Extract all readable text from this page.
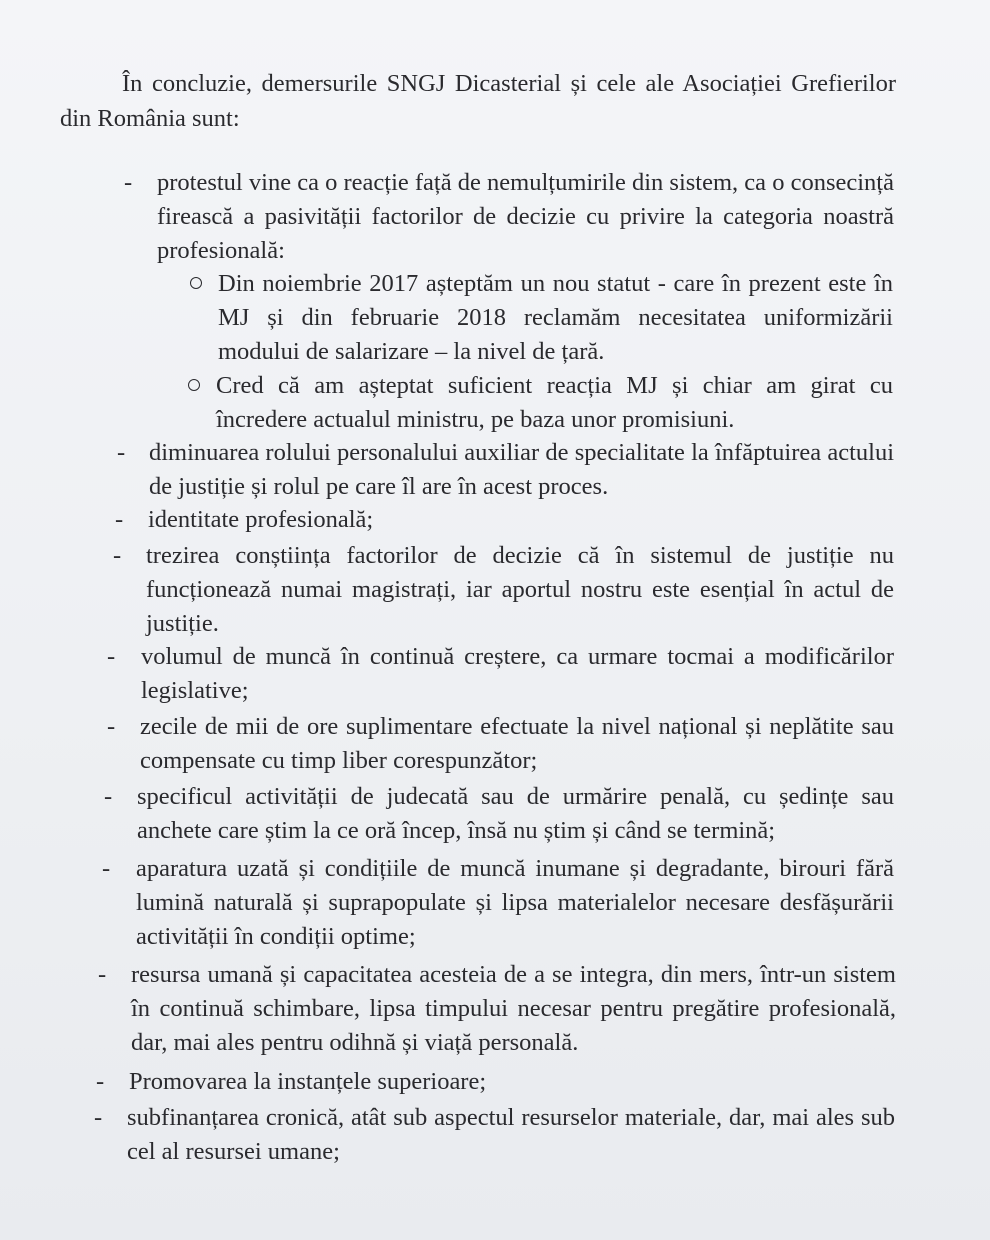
În concluzie, demersurile SNGJ Dicasterial și cele ale Asociației Grefierilor din România sunt:

- protestul vine ca o reacție față de nemulțumirile din sistem, ca o consecință firească a pasivității factorilor de decizie cu privire la categoria noastră profesională:

Din noiembrie 2017 așteptăm un nou statut - care în prezent este în MJ și din februarie 2018 reclamăm necesitatea uniformizării modului de salarizare – la nivel de țară.

Cred că am așteptat suficient reacția MJ și chiar am girat cu încredere actualul ministru, pe baza unor promisiuni.

- diminuarea rolului personalului auxiliar de specialitate la înfăptuirea actului de justiție și rolul pe care îl are în acest proces.

- identitate profesională;

- trezirea conștiința factorilor de decizie că în sistemul de justiție nu funcționează numai magistrați, iar aportul nostru este esențial în actul de justiție.

- volumul de muncă în continuă creștere, ca urmare tocmai a modificărilor legislative;

- zecile de mii de ore suplimentare efectuate la nivel național și neplătite sau compensate cu timp liber corespunzător;

- specificul activității de judecată sau de urmărire penală, cu ședințe sau anchete care știm la ce oră încep, însă nu știm și când se termină;

- aparatura uzată și condițiile de muncă inumane și degradante, birouri fără lumină naturală și suprapopulate și lipsa materialelor necesare desfășurării activității în condiții optime;

- resursa umană și capacitatea acesteia de a se integra, din mers, într-un sistem în continuă schimbare, lipsa timpului necesar pentru pregătire profesională, dar, mai ales pentru odihnă și viață personală.

- Promovarea la instanțele superioare;

- subfinanțarea cronică, atât sub aspectul resurselor materiale, dar, mai ales sub cel al resursei umane;
